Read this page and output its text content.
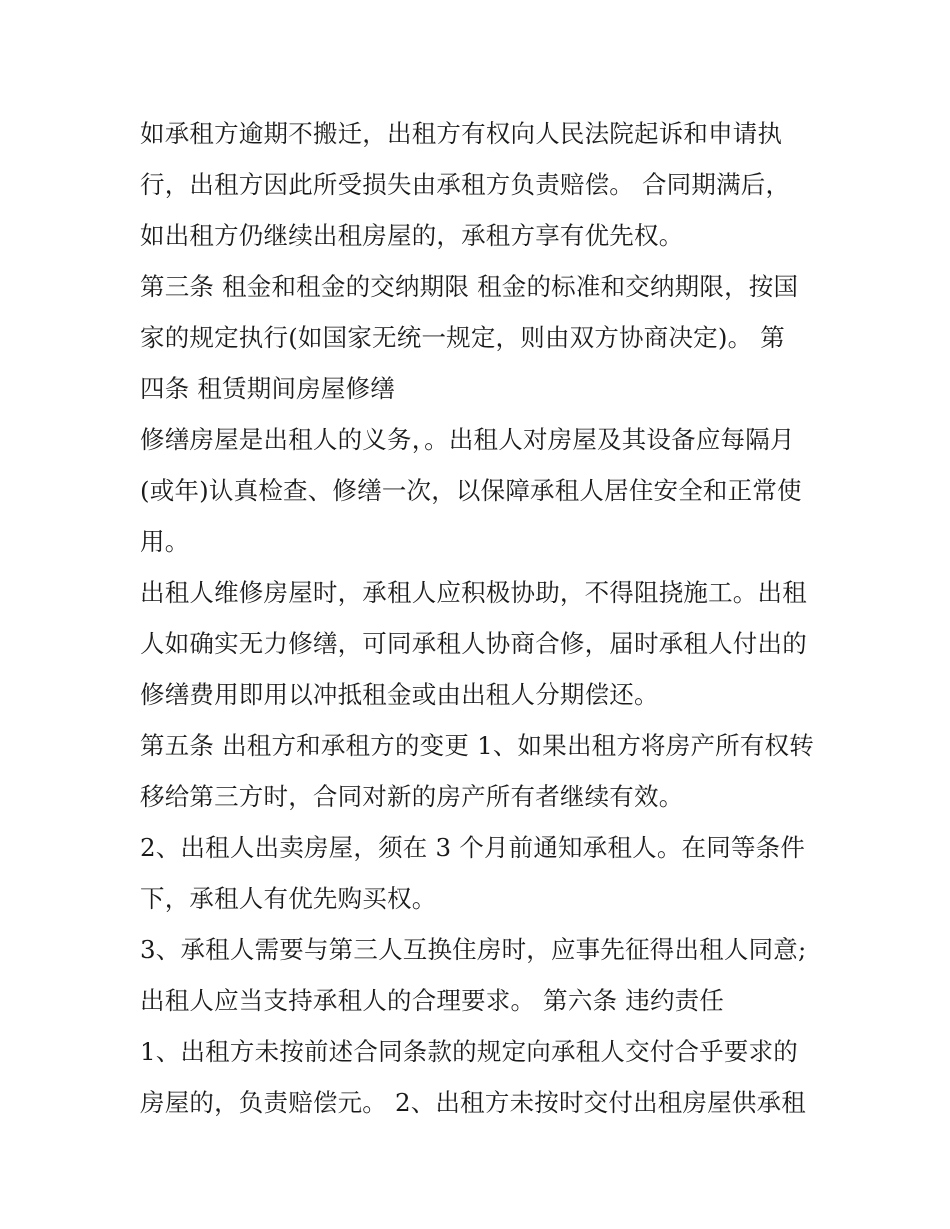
如承租方逾期不搬迁，出租方有权向人民法院起诉和申请执
行，出租方因此所受损失由承租方负责赔偿。 合同期满后，
如出租方仍继续出租房屋的，承租方享有优先权。
第三条 租金和租金的交纳期限 租金的标准和交纳期限，按国
家的规定执行(如国家无统一规定，则由双方协商决定)。 第
四条 租赁期间房屋修缮
修缮房屋是出租人的义务，。出租人对房屋及其设备应每隔月
(或年)认真检查、修缮一次，以保障承租人居住安全和正常使
用。
出租人维修房屋时，承租人应积极协助，不得阻挠施工。出租
人如确实无力修缮，可同承租人协商合修，届时承租人付出的
修缮费用即用以冲抵租金或由出租人分期偿还。
第五条 出租方和承租方的变更 1、如果出租方将房产所有权转
移给第三方时，合同对新的房产所有者继续有效。
2、出租人出卖房屋，须在 3 个月前通知承租人。在同等条件
下，承租人有优先购买权。
3、承租人需要与第三人互换住房时，应事先征得出租人同意;
出租人应当支持承租人的合理要求。 第六条 违约责任
1、出租方未按前述合同条款的规定向承租人交付合乎要求的
房屋的，负责赔偿元。 2、出租方未按时交付出租房屋供承租
